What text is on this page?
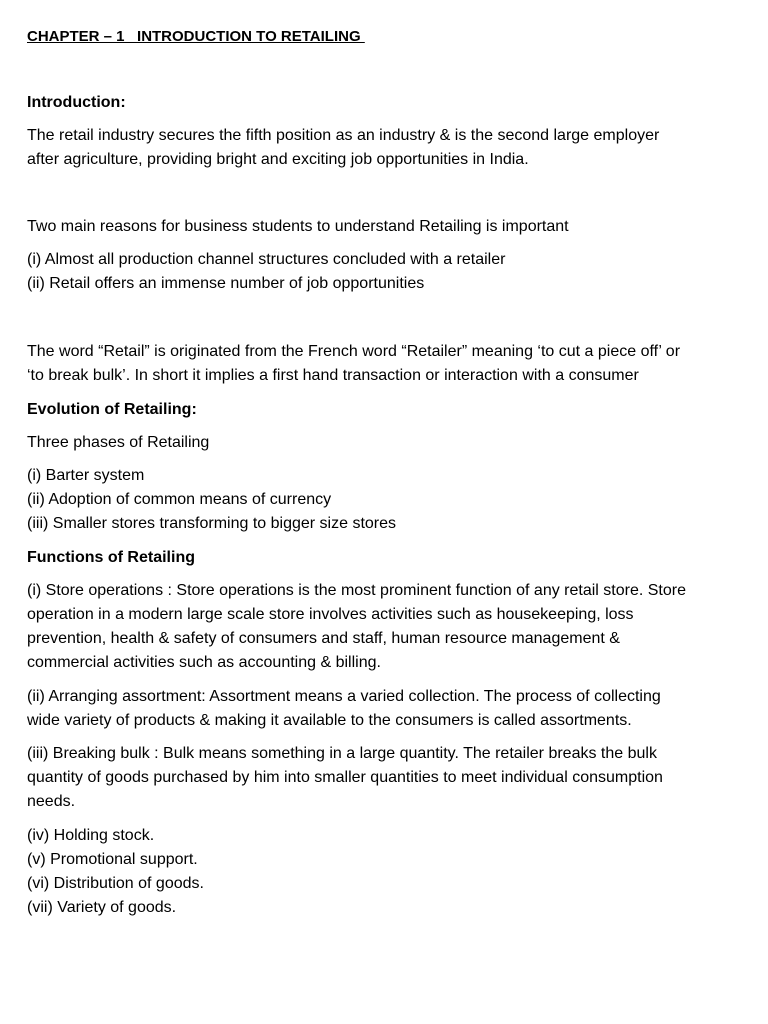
CHAPTER – 1   INTRODUCTION TO RETAILING

Introduction:

The retail industry secures the fifth position as an industry & is the second large employer after agriculture, providing bright and exciting job opportunities in India.

Two main reasons for business students to understand Retailing is important

(i) Almost all production channel structures concluded with a retailer
(ii) Retail offers an immense number of job opportunities

The word “Retail” is originated from the French word “Retailer” meaning ‘to cut a piece off’ or ‘to break bulk’. In short it implies a first hand transaction or interaction with a consumer

Evolution of Retailing:

Three phases of Retailing

(i) Barter system
(ii) Adoption of common means of currency
(iii) Smaller stores transforming to bigger size stores

Functions of Retailing

(i) Store operations : Store operations is the most prominent function of any retail store. Store operation in a modern large scale store involves activities such as housekeeping, loss prevention, health & safety of consumers and staff, human resource management & commercial activities such as accounting & billing.

(ii) Arranging assortment: Assortment means a varied collection. The process of collecting wide variety of products & making it available to the consumers is called assortments.

(iii) Breaking bulk : Bulk means something in a large quantity. The retailer breaks the bulk quantity of goods purchased by him into smaller quantities to meet individual consumption needs.

(iv) Holding stock.
(v) Promotional support.
(vi) Distribution of goods.
(vii) Variety of goods.
